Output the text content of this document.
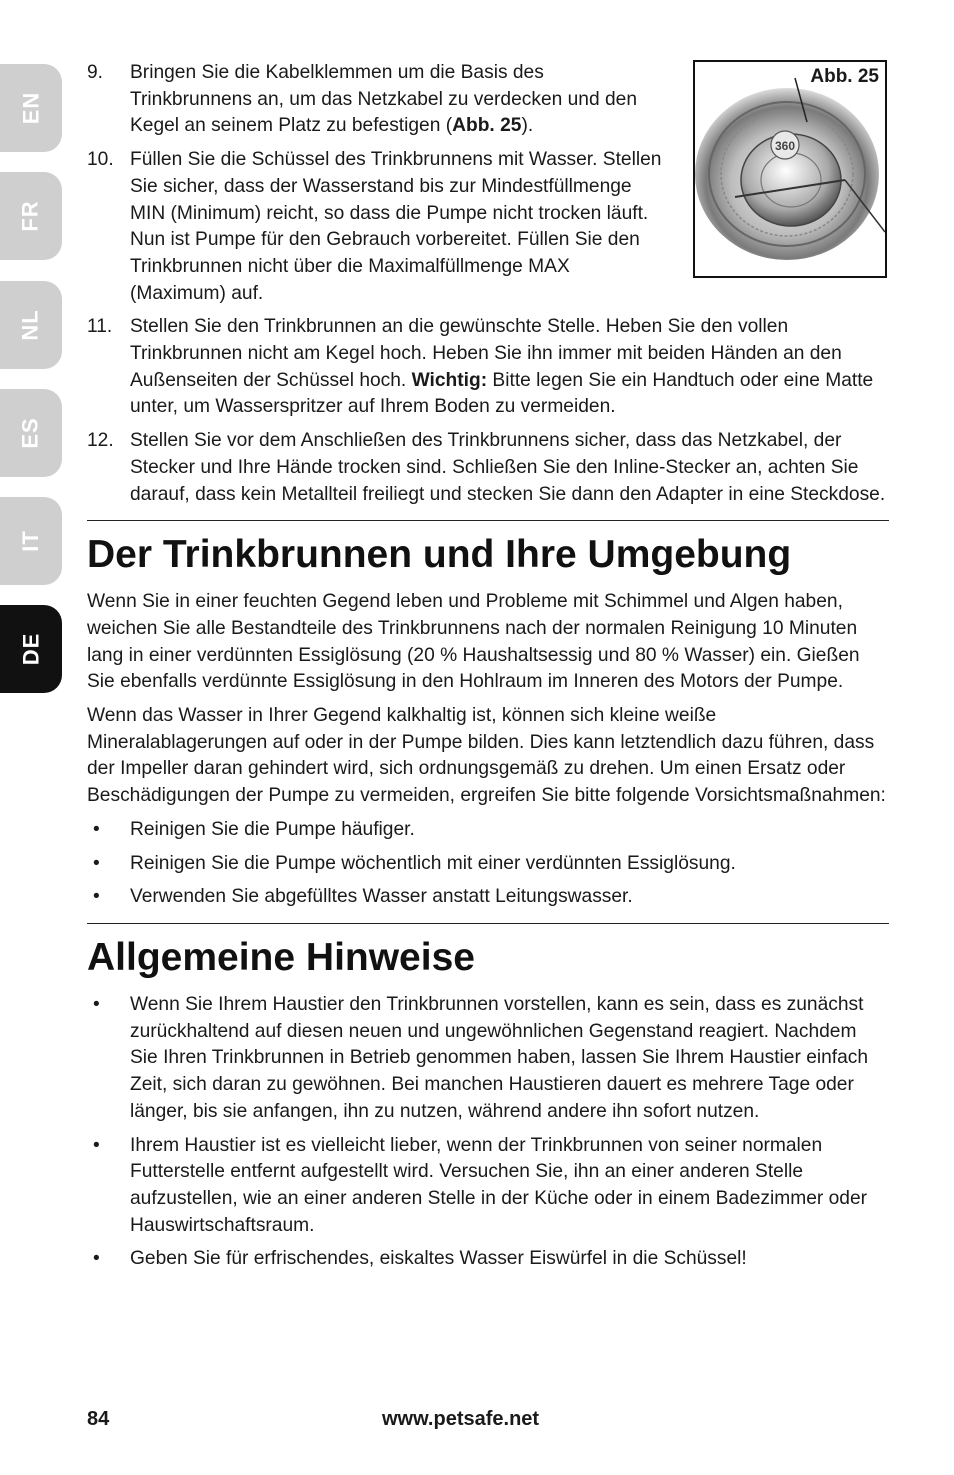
EN
FR
NL
ES
IT
DE
360
Abb. 25
9. Bringen Sie die Kabelklemmen um die Basis des Trinkbrunnens an, um das Netzkabel zu verdecken und den Kegel an seinem Platz zu befestigen (Abb. 25).
10. Füllen Sie die Schüssel des Trinkbrunnens mit Wasser. Stellen Sie sicher, dass der Wasserstand bis zur Mindestfüllmenge MIN (Minimum) reicht, so dass die Pumpe nicht trocken läuft. Nun ist Pumpe für den Gebrauch vorbereitet. Füllen Sie den Trinkbrunnen nicht über die Maximalfüllmenge MAX (Maximum) auf.
11. Stellen Sie den Trinkbrunnen an die gewünschte Stelle. Heben Sie den vollen Trinkbrunnen nicht am Kegel hoch. Heben Sie ihn immer mit beiden Händen an den Außenseiten der Schüssel hoch. Wichtig: Bitte legen Sie ein Handtuch oder eine Matte unter, um Wasserspritzer auf Ihrem Boden zu vermeiden.
12. Stellen Sie vor dem Anschließen des Trinkbrunnens sicher, dass das Netzkabel, der Stecker und Ihre Hände trocken sind. Schließen Sie den Inline-Stecker an, achten Sie darauf, dass kein Metallteil freiliegt und stecken Sie dann den Adapter in eine Steckdose.
Der Trinkbrunnen und Ihre Umgebung

Wenn Sie in einer feuchten Gegend leben und Probleme mit Schimmel und Algen haben, weichen Sie alle Bestandteile des Trinkbrunnens nach der normalen Reinigung 10 Minuten lang in einer verdünnten Essiglösung (20 % Haushaltsessig und 80 % Wasser) ein. Gießen Sie ebenfalls verdünnte Essiglösung in den Hohlraum im Inneren des Motors der Pumpe.

Wenn das Wasser in Ihrer Gegend kalkhaltig ist, können sich kleine weiße Mineralablagerungen auf oder in der Pumpe bilden. Dies kann letztendlich dazu führen, dass der Impeller daran gehindert wird, sich ordnungsgemäß zu drehen. Um einen Ersatz oder Beschädigungen der Pumpe zu vermeiden, ergreifen Sie bitte folgende Vorsichtsmaßnahmen:

• Reinigen Sie die Pumpe häufiger.
• Reinigen Sie die Pumpe wöchentlich mit einer verdünnten Essiglösung.
• Verwenden Sie abgefülltes Wasser anstatt Leitungswasser.
Allgemeine Hinweise
• Wenn Sie Ihrem Haustier den Trinkbrunnen vorstellen, kann es sein, dass es zunächst zurückhaltend auf diesen neuen und ungewöhnlichen Gegenstand reagiert. Nachdem Sie Ihren Trinkbrunnen in Betrieb genommen haben, lassen Sie Ihrem Haustier einfach Zeit, sich daran zu gewöhnen. Bei manchen Haustieren dauert es mehrere Tage oder länger, bis sie anfangen, ihn zu nutzen, während andere ihn sofort nutzen.
• Ihrem Haustier ist es vielleicht lieber, wenn der Trinkbrunnen von seiner normalen Futterstelle entfernt aufgestellt wird. Versuchen Sie, ihn an einer anderen Stelle aufzustellen, wie an einer anderen Stelle in der Küche oder in einem Badezimmer oder Hauswirtschaftsraum.
• Geben Sie für erfrischendes, eiskaltes Wasser Eiswürfel in die Schüssel!
84	www.petsafe.net
